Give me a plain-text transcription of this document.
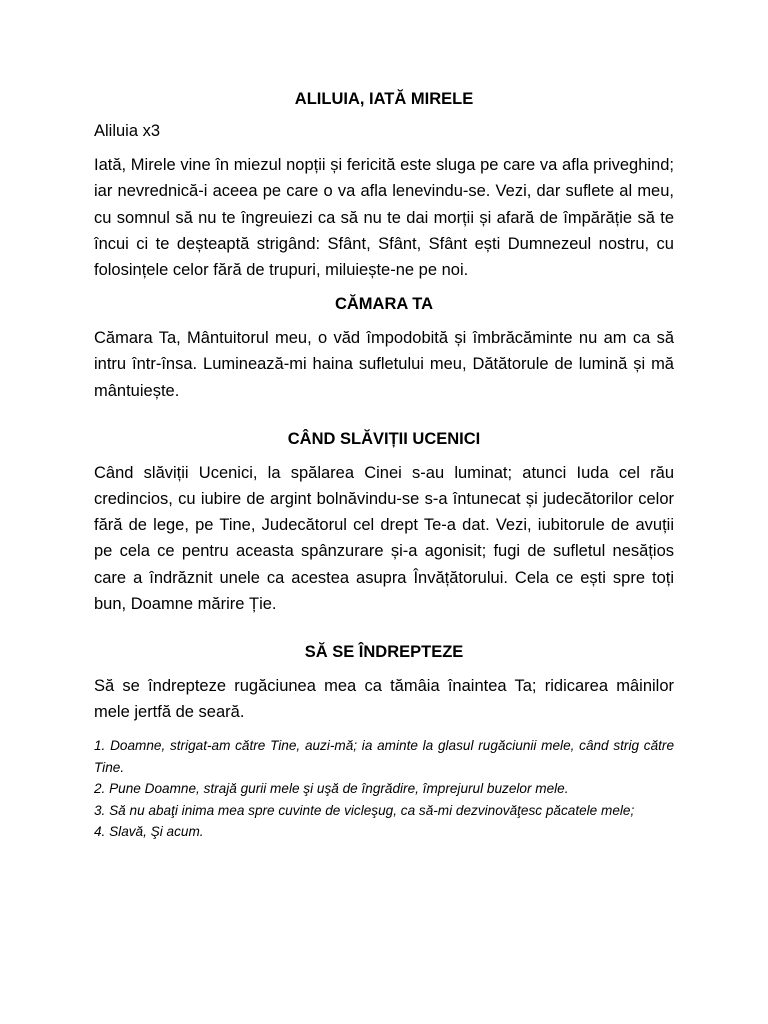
ALILUIA, IATĂ MIRELE

Aliluia x3

Iată, Mirele vine în miezul nopții și fericită este sluga pe care va afla priveghind; iar nevrednică-i aceea pe care o va afla lenevindu-se. Vezi, dar suflete al meu, cu somnul să nu te îngreuiezi ca să nu te dai morții și afară de împărăție să te încui ci te deșteaptă strigând: Sfânt, Sfânt, Sfânt ești Dumnezeul nostru, cu folosințele celor fără de trupuri, miluiește-ne pe noi.

CĂMARA TA

Cămara Ta, Mântuitorul meu, o văd împodobită și îmbrăcăminte nu am ca să intru într-însa. Luminează-mi haina sufletului meu, Dătătorule de lumină și mă mântuiește.

CÂND SLĂVIȚII UCENICI

Când slăviții Ucenici, la spălarea Cinei s-au luminat; atunci Iuda cel rău credincios, cu iubire de argint bolnăvindu-se s-a întunecat și judecătorilor celor fără de lege, pe Tine, Judecătorul cel drept Te-a dat. Vezi, iubitorule de avuții pe cela ce pentru aceasta spânzurare și-a agonisit; fugi de sufletul nesățios care a îndrăznit unele ca acestea asupra Învățătorului. Cela ce ești spre toți bun, Doamne mărire Ție.

SĂ SE ÎNDREPTEZE

Să se îndrepteze rugăciunea mea ca tămâia înaintea Ta; ridicarea mâinilor mele jertfă de seară.

1. Doamne, strigat-am către Tine, auzi-mă; ia aminte la glasul rugăciunii mele, când strig către Tine.

2. Pune Doamne, strajă gurii mele şi uşă de îngrădire, împrejurul buzelor mele.

3. Să nu abaţi inima mea spre cuvinte de vicleşug, ca să-mi dezvinovăţesc păcatele mele;

4. Slavă, Şi acum.
